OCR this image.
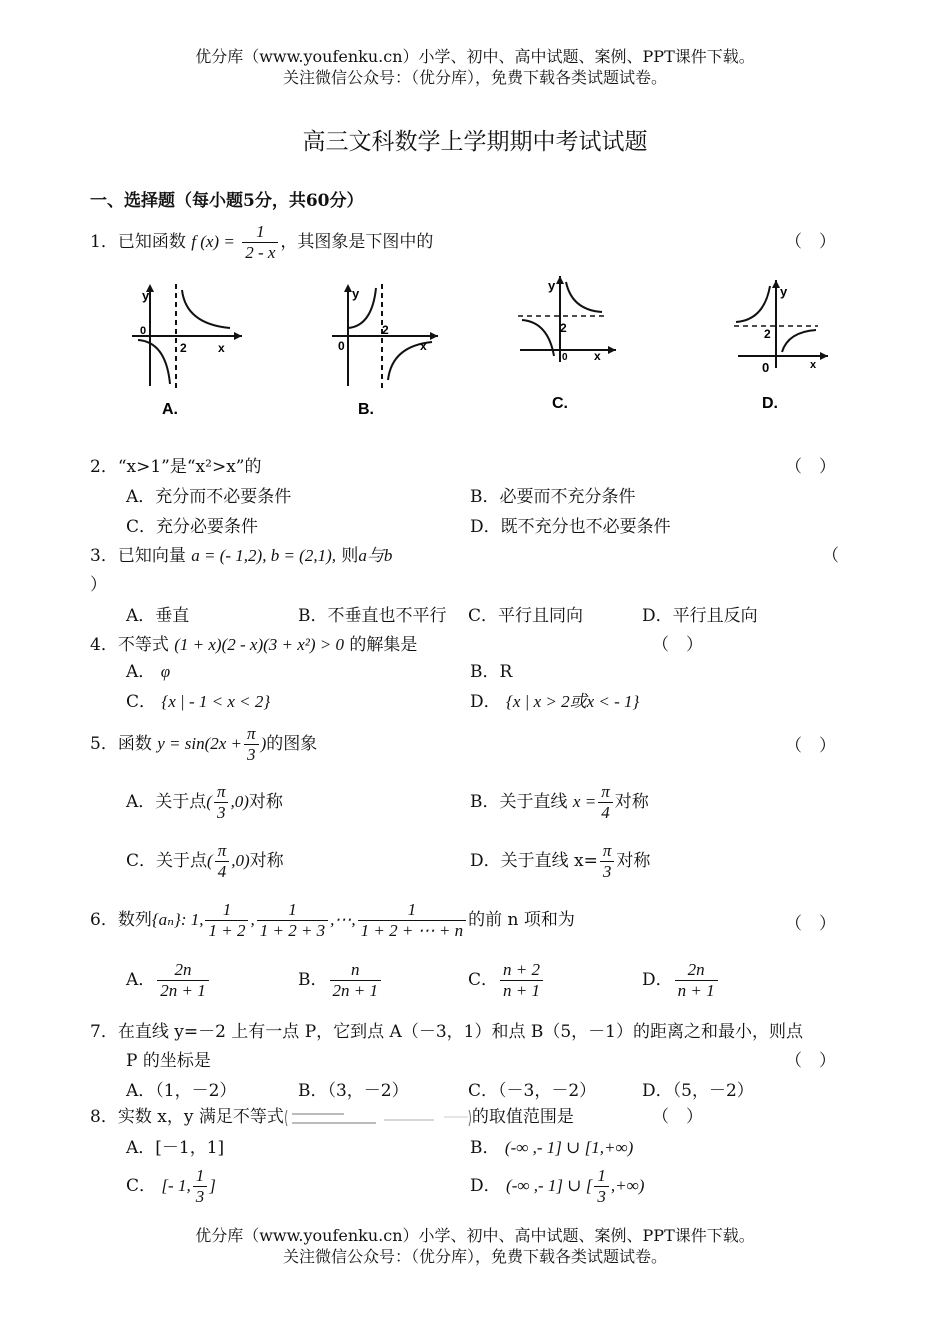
优分库（www.youfenku.cn）小学、初中、高中试题、案例、PPT课件下载。
关注微信公众号：（优分库），免费下载各类试题试卷。
高三文科数学上学期期中考试试题
一、选择题（每小题5分，共60分）
1．已知函数 f $(x) = \frac{1}{2 - x}$ ，其图象是下图中的	（　）
y
x
0
2
A.
y
x
0
2
B.
y
x
0
2
C.
y
x
0
2
D.
2．“x>1”是“x²>x”的	（　）
A．充分而不必要条件	B．必要而不充分条件
C．充分必要条件	D．既不充分也不必要条件
3．已知向量 a = (- 1,2), b = (2,1), 则a与b	（
）
A．垂直	B．不垂直也不平行 C．平行且同向	D．平行且反向
4．不等式 (1 + x)(2 - x)(3 + x²) > 0 的解集是	（　）
A． φ	B．R
C． {x | - 1 < x < 2}	D． {x | x > 2或x < - 1}
5．函数 $y = \sin(2x + \frac{\pi}{3}$ )的图象	（　）
A．关于点( $\frac{\pi}{3} ,0$)对称	B．关于直线 $x = \frac{\pi}{4}$ 对称
C．关于点( $\frac{\pi}{4} ,0$)对称	D．关于直线 $x= \frac{\pi}{3}$ 对称
6．数列{aₙ}: 1, $\frac{1}{1 + 2}$ , $\frac{1}{1 + 2 + 3}$ ,⋯, $\frac{1}{1 + 2 + \cdots + n}$ 的前 n 项和为	（　）
A． $\frac{2n}{2n + 1}$	B． $\frac{n}{2n + 1}$	C． $\frac{n + 2}{n + 1}$	D． $\frac{2n}{n + 1}$
7．在直线 y=－2 上有一点 P，它到点 A（－3，1）和点 B（5，－1）的距离之和最小，则点
P 的坐标是	（　）
A．（1，－2）	B．（3，－2）	C．（－3，－2）	D．（5，－2）
8．实数 x，y 满足不等式	的取值范围是	（　）
A．[－1，1]	B． (-∞ ,- 1] ∪ [1,+∞)
C． [- 1, $\frac{1}{3}$ ]	D． (-∞ ,- 1] ∪ [ $\frac{1}{3}$ ,+∞)
优分库（www.youfenku.cn）小学、初中、高中试题、案例、PPT课件下载。
关注微信公众号：（优分库），免费下载各类试题试卷。
